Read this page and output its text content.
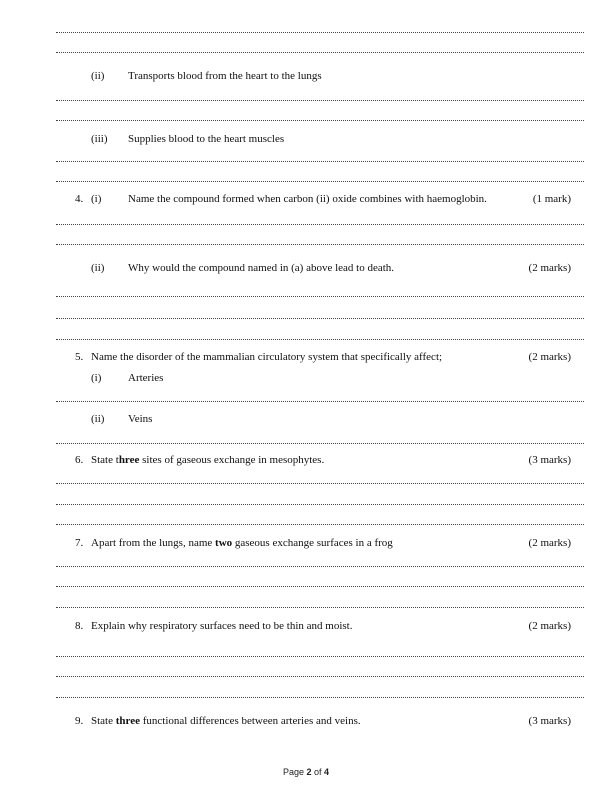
(ii) Transports blood from the heart to the lungs
(iii) Supplies blood to the heart muscles
4. (i) Name the compound formed when carbon (ii) oxide combines with haemoglobin.	(1 mark)
(ii) Why would the compound named in (a) above lead to death.	(2 marks)
5. Name the disorder of the mammalian circulatory system that specifically affect;	(2 marks)
(i) Arteries
(ii) Veins
6. State three sites of gaseous exchange in mesophytes.	(3 marks)
7. Apart from the lungs, name two gaseous exchange surfaces in a frog	(2 marks)
8. Explain why respiratory surfaces need to be thin and moist.	(2 marks)
9. State three functional differences between arteries and veins.	(3 marks)
Page 2 of 4
